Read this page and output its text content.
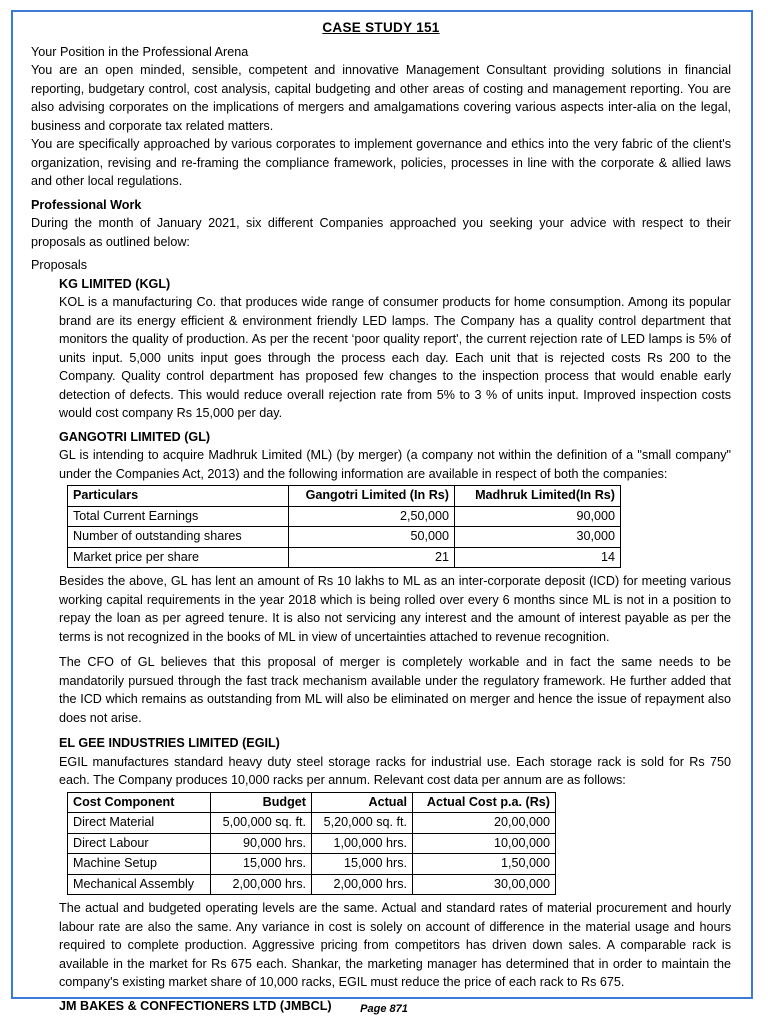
CASE STUDY 151

Your Position in the Professional Arena

You are an open minded, sensible, competent and innovative Management Consultant providing solutions in financial reporting, budgetary control, cost analysis, capital budgeting and other areas of costing and management reporting. You are also advising corporates on the implications of mergers and amalgamations covering various aspects inter-alia on the legal, business and corporate tax related matters.

You are specifically approached by various corporates to implement governance and ethics into the very fabric of the client's organization, revising and re-framing the compliance framework, policies, processes in line with the corporate & allied laws and other local regulations.

Professional Work

During the month of January 2021, six different Companies approached you seeking your advice with respect to their proposals as outlined below:

Proposals

KG LIMITED (KGL)

KOL is a manufacturing Co. that produces wide range of consumer products for home consumption. Among its popular brand are its energy efficient & environment friendly LED lamps. The Company has a quality control department that monitors the quality of production. As per the recent ‘poor quality report', the current rejection rate of LED lamps is 5% of units input. 5,000 units input goes through the process each day. Each unit that is rejected costs Rs 200 to the Company. Quality control department has proposed few changes to the inspection process that would enable early detection of defects. This would reduce overall rejection rate from 5% to 3 % of units input. Improved inspection costs would cost company Rs 15,000 per day.

GANGOTRI LIMITED (GL)

GL is intending to acquire Madhruk Limited (ML) (by merger) (a company not within the definition of a "small company" under the Companies Act, 2013) and the following information are available in respect of both the companies:

Particulars	Gangotri Limited (In Rs)	Madhruk Limited(In Rs)
Total Current Earnings	2,50,000	90,000
Number of outstanding shares	50,000	30,000
Market price per share	21	14

Besides the above, GL has lent an amount of Rs 10 lakhs to ML as an inter-corporate deposit (ICD) for meeting various working capital requirements in the year 2018 which is being rolled over every 6 months since ML is not in a position to repay the loan as per agreed tenure. It is also not servicing any interest and the amount of interest payable as per the terms is not recognized in the books of ML in view of uncertainties attached to revenue recognition.

The CFO of GL believes that this proposal of merger is completely workable and in fact the same needs to be mandatorily pursued through the fast track mechanism available under the regulatory framework. He further added that the ICD which remains as outstanding from ML will also be eliminated on merger and hence the issue of repayment also does not arise.

EL GEE INDUSTRIES LIMITED (EGIL)

EGIL manufactures standard heavy duty steel storage racks for industrial use. Each storage rack is sold for Rs 750 each. The Company produces 10,000 racks per annum. Relevant cost data per annum are as follows:

Cost Component	Budget	Actual	Actual Cost p.a. (Rs)
Direct Material	5,00,000 sq. ft.	5,20,000 sq. ft.	20,00,000
Direct Labour	90,000 hrs.	1,00,000 hrs.	10,00,000
Machine Setup	15,000 hrs.	15,000 hrs.	1,50,000
Mechanical Assembly	2,00,000 hrs.	2,00,000 hrs.	30,00,000

The actual and budgeted operating levels are the same. Actual and standard rates of material procurement and hourly labour rate are also the same. Any variance in cost is solely on account of difference in the material usage and hours required to complete production. Aggressive pricing from competitors has driven down sales. A comparable rack is available in the market for Rs 675 each. Shankar, the marketing manager has determined that in order to maintain the company's existing market share of 10,000 racks, EGIL must reduce the price of each rack to Rs 675.

JM BAKES & CONFECTIONERS LTD (JMBCL)	Page 871
